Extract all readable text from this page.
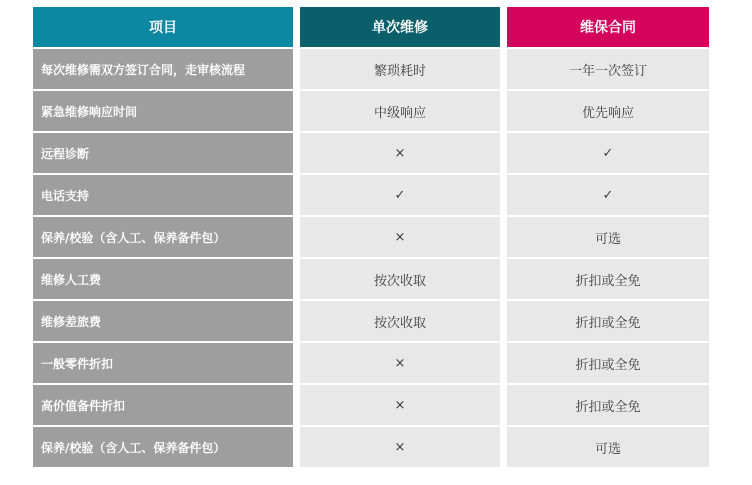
项目	单次维修	维保合同
每次维修需双方签订合同，走审核流程	繁琐耗时	一年一次签订
紧急维修响应时间	中级响应	优先响应
远程诊断	×	✓
电话支持	✓	✓
保养/校验（含人工、保养备件包）	×	可选
维修人工费	按次收取	折扣或全免
维修差旅费	按次收取	折扣或全免
一般零件折扣	×	折扣或全免
高价值备件折扣	×	折扣或全免
保养/校验（含人工、保养备件包）	×	可选
